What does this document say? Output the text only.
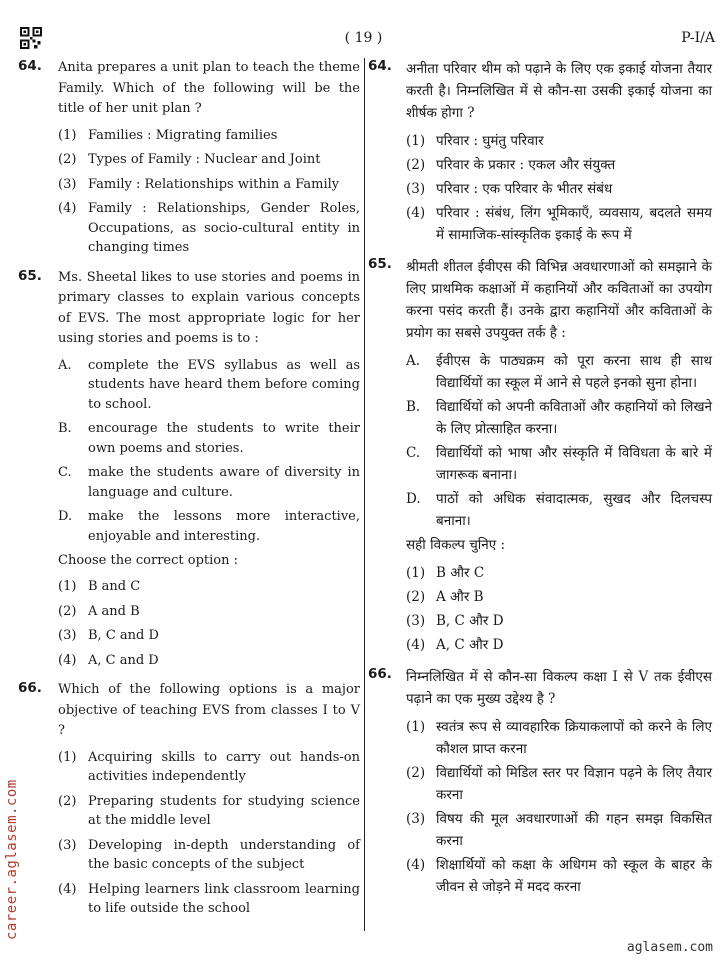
( 19 )	P-I/A
64. Anita prepares a unit plan to teach the theme Family. Which of the following will be the title of her unit plan ?
(1) Families : Migrating families
(2) Types of Family : Nuclear and Joint
(3) Family : Relationships within a Family
(4) Family : Relationships, Gender Roles, Occupations, as socio-cultural entity in changing times
65. Ms. Sheetal likes to use stories and poems in primary classes to explain various concepts of EVS. The most appropriate logic for her using stories and poems is to :
A.	complete the EVS syllabus as well as students have heard them before coming to school.
B.	encourage the students to write their own poems and stories.
C.	make the students aware of diversity in language and culture.
D.	make the lessons more interactive, enjoyable and interesting.
Choose the correct option :
(1) B and C
(2) A and B
(3) B, C and D
(4) A, C and D
66. Which of the following options is a major objective of teaching EVS from classes I to V ?
(1) Acquiring skills to carry out hands-on activities independently
(2) Preparing students for studying science at the middle level
(3) Developing in-depth understanding of the basic concepts of the subject
(4) Helping learners link classroom learning to life outside the school
64. अनीता परिवार थीम को पढ़ाने के लिए एक इकाई योजना तैयार करती है। निम्नलिखित में से कौन-सा उसकी इकाई योजना का शीर्षक होगा ?
(1) परिवार : घुमंतु परिवार
(2) परिवार के प्रकार : एकल और संयुक्त
(3) परिवार : एक परिवार के भीतर संबंध
(4) परिवार : संबंध, लिंग भूमिकाएँ, व्यवसाय, बदलते समय में सामाजिक-सांस्कृतिक इकाई के रूप में
65. श्रीमती शीतल ईवीएस की विभिन्न अवधारणाओं को समझाने के लिए प्राथमिक कक्षाओं में कहानियों और कविताओं का उपयोग करना पसंद करती हैं। उनके द्वारा कहानियों और कविताओं के प्रयोग का सबसे उपयुक्त तर्क है :
A.	ईवीएस के पाठ्यक्रम को पूरा करना साथ ही साथ विद्यार्थियों का स्कूल में आने से पहले इनको सुना होना।
B.	विद्यार्थियों को अपनी कविताओं और कहानियों को लिखने के लिए प्रोत्साहित करना।
C.	विद्यार्थियों को भाषा और संस्कृति में विविधता के बारे में जागरूक बनाना।
D.	पाठों को अधिक संवादात्मक, सुखद और दिलचस्प बनाना।
सही विकल्प चुनिए :
(1) B और C
(2) A और B
(3) B, C और D
(4) A, C और D
66. निम्नलिखित में से कौन-सा विकल्प कक्षा I से V तक ईवीएस पढ़ाने का एक मुख्य उद्देश्य है ?
(1) स्वतंत्र रूप से व्यावहारिक क्रियाकलापों को करने के लिए कौशल प्राप्त करना
(2) विद्यार्थियों को मिडिल स्तर पर विज्ञान पढ़ने के लिए तैयार करना
(3) विषय की मूल अवधारणाओं की गहन समझ विकसित करना
(4) शिक्षार्थियों को कक्षा के अधिगम को स्कूल के बाहर के जीवन से जोड़ने में मदद करना
career.aglasem.com
aglasem.com
